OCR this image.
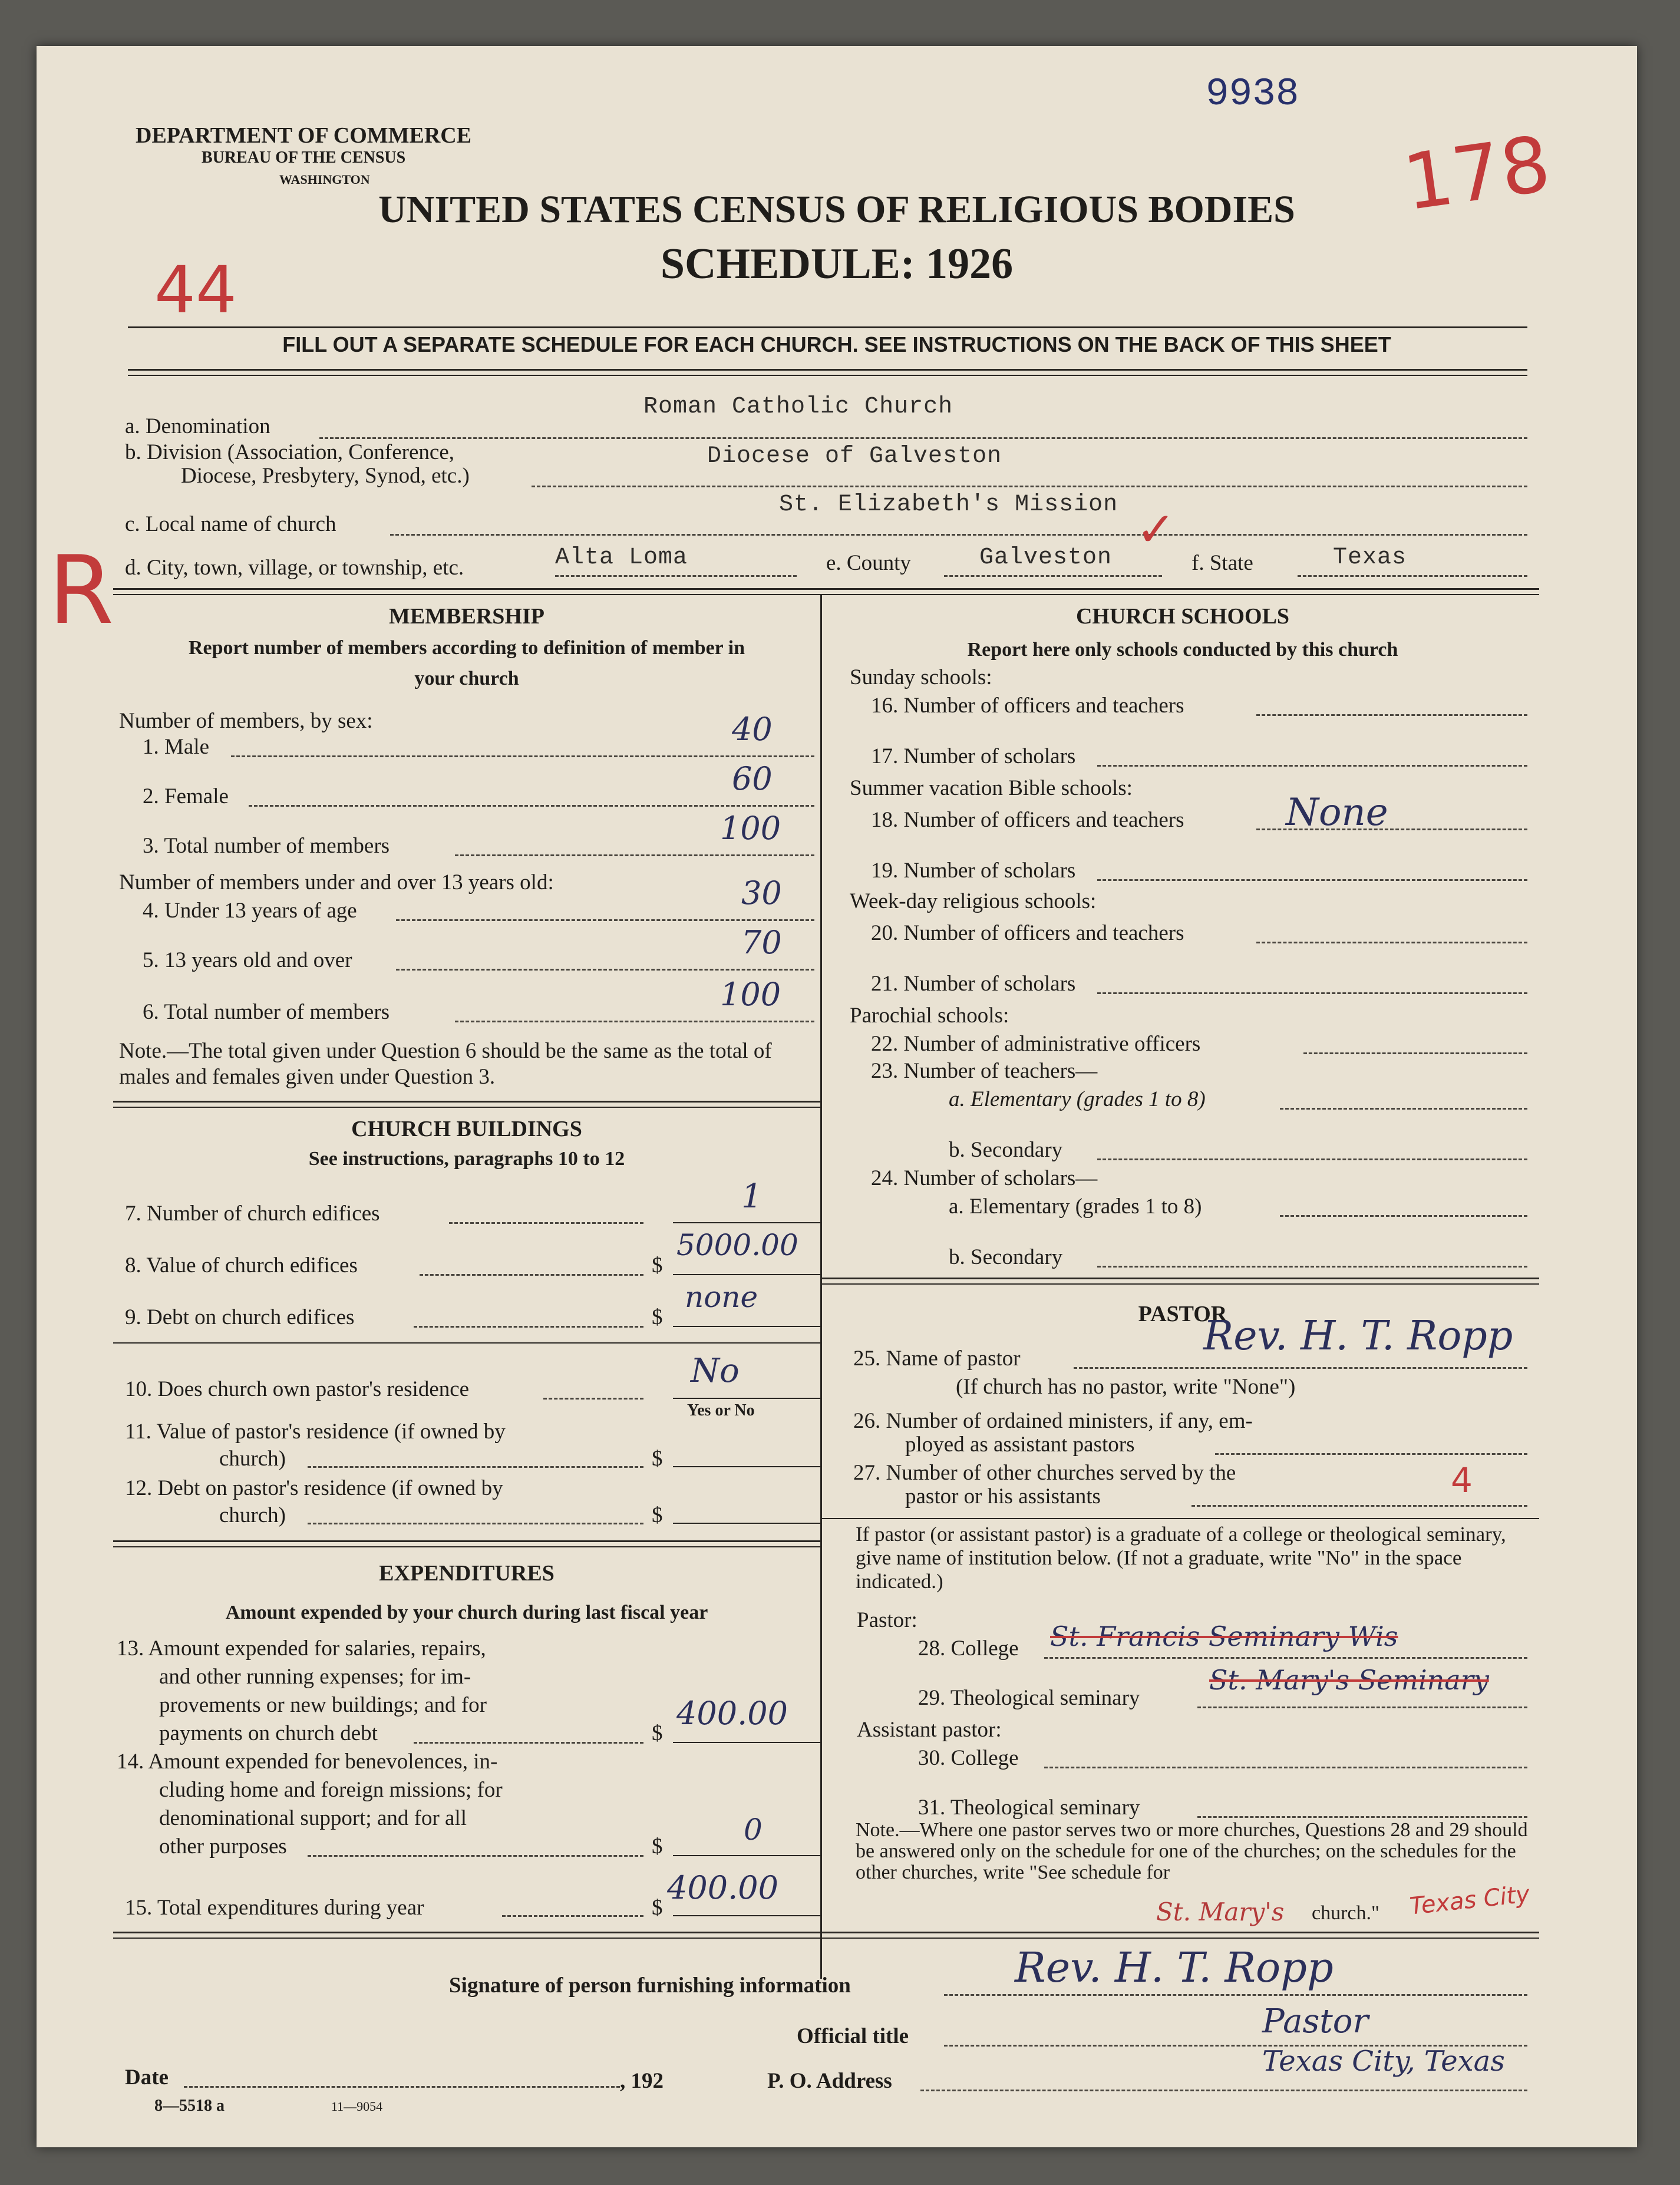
9938
178
44
R
DEPARTMENT OF COMMERCE
BUREAU OF THE CENSUS
WASHINGTON
UNITED STATES CENSUS OF RELIGIOUS BODIES
SCHEDULE: 1926
FILL OUT A SEPARATE SCHEDULE FOR EACH CHURCH. SEE INSTRUCTIONS ON THE BACK OF THIS SHEET
a. Denomination
Roman Catholic Church
b. Division (Association, Conference,
Diocese, Presbytery, Synod, etc.)
Diocese of Galveston
St. Elizabeth's Mission
c. Local name of church	✓
d. City, town, village, or township, etc.	Alta Loma	e. County	Galveston	f. State	Texas
MEMBERSHIP
Report number of members according to definition of member in your church
Number of members, by sex:
1. Male	40
2. Female	60
3. Total number of members	100
Number of members under and over 13 years old:
4. Under 13 years of age	30
5. 13 years old and over	70
6. Total number of members	100
Note.—The total given under Question 6 should be the same as the total of males and females given under Question 3.
CHURCH BUILDINGS
See instructions, paragraphs 10 to 12
7. Number of church edifices	1
8. Value of church edifices	$
5000.00
9. Debt on church edifices	$
none
10. Does church own pastor's residence	No
Yes or No
11. Value of pastor's residence (if owned by
church)	$
12. Debt on pastor's residence (if owned by
church)	$
EXPENDITURES
Amount expended by your church during last fiscal year
13. Amount expended for salaries, repairs,
and other running expenses; for im-
provements or new buildings; and for
payments on church debt	$
400.00
14. Amount expended for benevolences, in-
cluding home and foreign missions; for
denominational support; and for all
other purposes	$	0
15. Total expenditures during year	$
400.00
CHURCH SCHOOLS
Report here only schools conducted by this church
Sunday schools:
16. Number of officers and teachers
17. Number of scholars
Summer vacation Bible schools:
18. Number of officers and teachers	None
19. Number of scholars
Week-day religious schools:
20. Number of officers and teachers
21. Number of scholars
Parochial schools:
22. Number of administrative officers
23. Number of teachers—
a. Elementary (grades 1 to 8)
b. Secondary
24. Number of scholars—
a. Elementary (grades 1 to 8)
b. Secondary
PASTOR
25. Name of pastor	Rev. H. T. Ropp
(If church has no pastor, write "None")
26. Number of ordained ministers, if any, em-
ployed as assistant pastors
27. Number of other churches served by the
pastor or his assistants	4
If pastor (or assistant pastor) is a graduate of a college or theological seminary, give name of institution below. (If not a graduate, write "No" in the space indicated.)
Pastor:
28. College St. Francis Seminary Wis
29. Theological seminary
St. Mary's Seminary
Assistant pastor:
30. College
31. Theological seminary
Note.—Where one pastor serves two or more churches, Questions 28 and 29 should be answered only on the schedule for one of the churches; on the schedules for the other churches, write "See schedule for
St. Mary's church." Texas City
Signature of person furnishing information	Rev. H. T. Ropp
Official title	Pastor
Date	, 192	P. O. Address
Texas City, Texas
8—5518 a	11—9054
